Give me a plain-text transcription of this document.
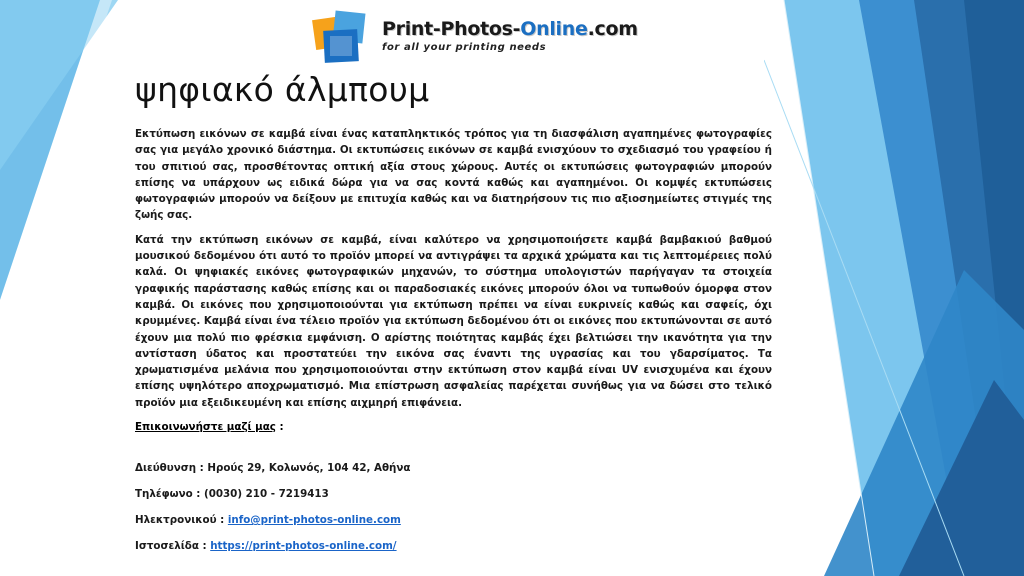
Print-Photos-Online.com
for all your printing needs
ψηφιακό άλμπουμ

Εκτύπωση εικόνων σε καμβά είναι ένας καταπληκτικός τρόπος για τη διασφάλιση αγαπημένες φωτογραφίες σας για μεγάλο χρονικό διάστημα. Οι εκτυπώσεις εικόνων σε καμβά ενισχύουν το σχεδιασμό του γραφείου ή του σπιτιού σας, προσθέτοντας οπτική αξία στους χώρους. Αυτές οι εκτυπώσεις φωτογραφιών μπορούν επίσης να υπάρχουν ως ειδικά δώρα για να σας κοντά καθώς και αγαπημένοι. Οι κομψές εκτυπώσεις φωτογραφιών μπορούν να δείξουν με επιτυχία καθώς και να διατηρήσουν τις πιο αξιοσημείωτες στιγμές της ζωής σας.

Κατά την εκτύπωση εικόνων σε καμβά, είναι καλύτερο να χρησιμοποιήσετε καμβά βαμβακιού βαθμού μουσικού δεδομένου ότι αυτό το προϊόν μπορεί να αντιγράψει τα αρχικά χρώματα και τις λεπτομέρειες πολύ καλά. Οι ψηφιακές εικόνες φωτογραφικών μηχανών, το σύστημα υπολογιστών παρήγαγαν τα στοιχεία γραφικής παράστασης καθώς επίσης και οι παραδοσιακές εικόνες μπορούν όλοι να τυπωθούν όμορφα στον καμβά. Οι εικόνες που χρησιμοποιούνται για εκτύπωση πρέπει να είναι ευκρινείς καθώς και σαφείς, όχι κρυμμένες. Καμβά είναι ένα τέλειο προϊόν για εκτύπωση δεδομένου ότι οι εικόνες που εκτυπώνονται σε αυτό έχουν μια πολύ πιο φρέσκια εμφάνιση. Ο αρίστης ποιότητας καμβάς έχει βελτιώσει την ικανότητα για την αντίσταση ύδατος και προστατεύει την εικόνα σας έναντι της υγρασίας και του γδαρσίματος. Τα χρωματισμένα μελάνια που χρησιμοποιούνται στην εκτύπωση στον καμβά είναι UV ενισχυμένα και έχουν επίσης υψηλότερο αποχρωματισμό. Μια επίστρωση ασφαλείας παρέχεται συνήθως για να δώσει στο τελικό προϊόν μια εξειδικευμένη και επίσης αιχμηρή επιφάνεια.

Επικοινωνήστε μαζί μας :

Διεύθυνση : Ηρούς 29, Κολωνός, 104 42, Αθήνα

Τηλέφωνο : (0030) 210 - 7219413

Ηλεκτρονικού : info@print-photos-online.com

Ιστοσελίδα : https://print-photos-online.com/
